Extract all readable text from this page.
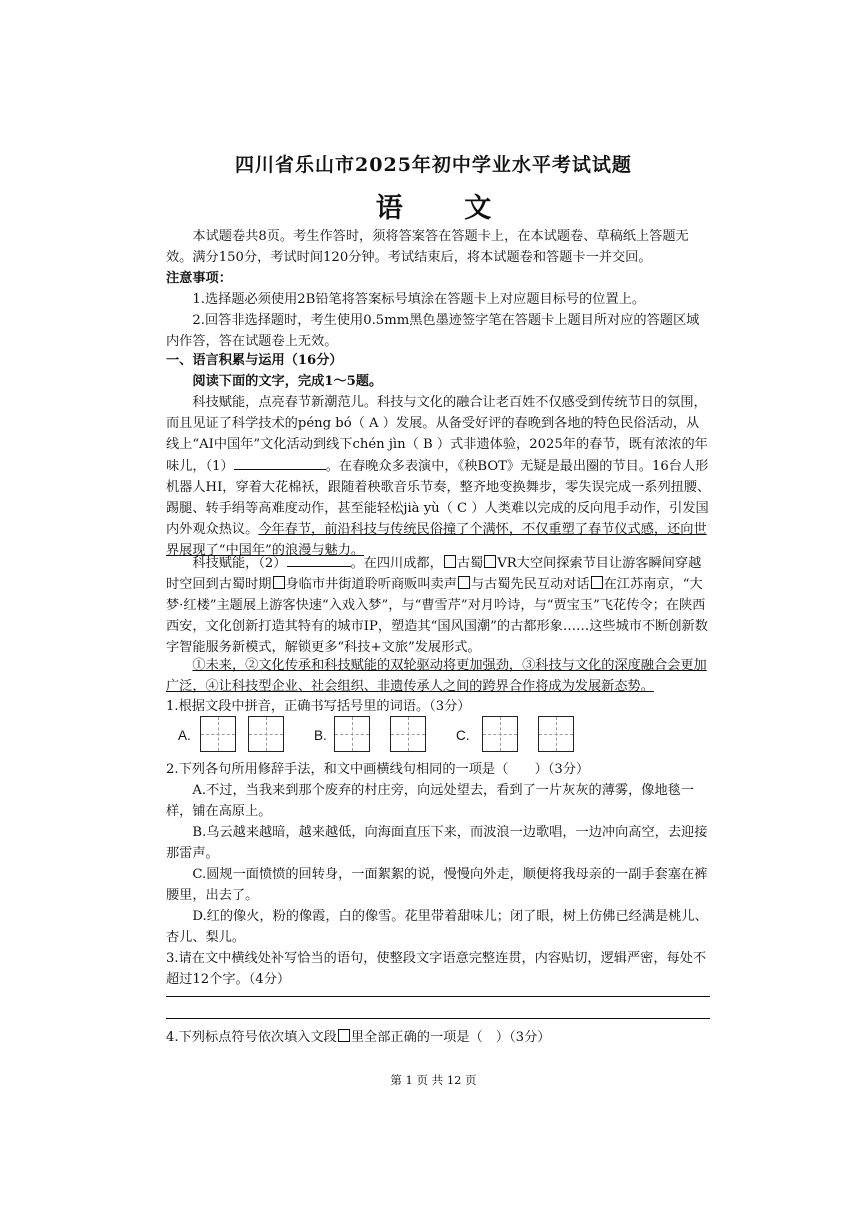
四川省乐山市2025年初中学业水平考试试题
语 文
本试题卷共8页。考生作答时，须将答案答在答题卡上，在本试题卷、草稿纸上答题无效。满分150分，考试时间120分钟。考试结束后，将本试题卷和答题卡一并交回。
注意事项：
1.选择题必须使用2B铅笔将答案标号填涂在答题卡上对应题目标号的位置上。
2.回答非选择题时，考生使用0.5mm黑色墨迹签字笔在答题卡上题目所对应的答题区域内作答，答在试题卷上无效。
一、语言积累与运用（16分）
阅读下面的文字，完成1～5题。
科技赋能，点亮春节新潮范儿。科技与文化的融合让老百姓不仅感受到传统节日的氛围，而且见证了科学技术的péng bó（ A ）发展。从备受好评的春晚到各地的特色民俗活动，从线上“AI中国年”文化活动到线下chén jìn（ B ）式非遗体验，2025年的春节，既有浓浓的年味儿，（1）	。在春晚众多表演中，《秧BOT》无疑是最出圈的节目。16台人形机器人HI，穿着大花棉袄，跟随着秧歌音乐节奏，整齐地变换舞步，零失误完成一系列扭腰、踢腿、转手绢等高难度动作，甚至能轻松jià yù（ C ）人类难以完成的反向甩手动作，引发国内外观众热议。今年春节，前沿科技与传统民俗撞了个满怀，不仅重塑了春节仪式感，还向世界展现了“中国年”的浪漫与魅力。
科技赋能，（2）	。在四川成都， 古蜀 VR大空间探索节目让游客瞬间穿越时空回到古蜀时期 身临市井街道聆听商贩叫卖声 与古蜀先民互动对话 在江苏南京，“大梦·红楼”主题展上游客快速“入戏入梦”，与“曹雪芹”对月吟诗，与“贾宝玉”飞花传令；在陕西西安，文化创新打造其特有的城市IP，塑造其“国风国潮”的古都形象……这些城市不断创新数字智能服务新模式，解锁更多“科技+文旅”发展形式。
①未来，②文化传承和科技赋能的双轮驱动将更加强劲，③科技与文化的深度融合会更加广泛，④让科技型企业、社会组织、非遗传承人之间的跨界合作将成为发展新态势。
1.根据文段中拼音，正确书写括号里的词语。（3分）
A.	B.	C.
2.下列各句所用修辞手法，和文中画横线句相同的一项是（　　）（3分）
A.不过，当我来到那个废弃的村庄旁，向远处望去，看到了一片灰灰的薄雾，像地毯一样，铺在高原上。
B.乌云越来越暗，越来越低，向海面直压下来，而波浪一边歌唱，一边冲向高空，去迎接那雷声。
C.圆规一面愤愤的回转身，一面絮絮的说，慢慢向外走，顺便将我母亲的一副手套塞在裤腰里，出去了。
D.红的像火，粉的像霞，白的像雪。花里带着甜味儿；闭了眼，树上仿佛已经满是桃儿、杏儿、梨儿。
3.请在文中横线处补写恰当的语句，使整段文字语意完整连贯，内容贴切，逻辑严密，每处不超过12个字。（4分）
4.下列标点符号依次填入文段 里全部正确的一项是（　）（3分）
第 1 页 共 12 页
